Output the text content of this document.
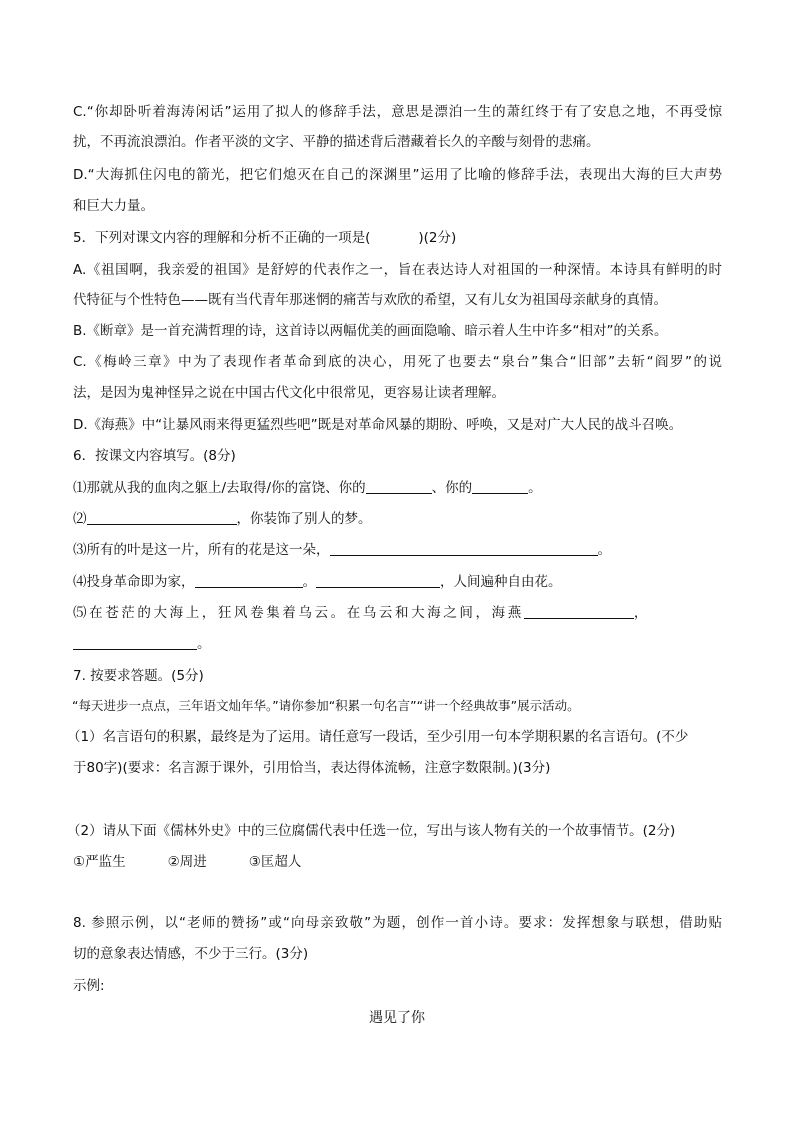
C.“你却卧听着海涛闲话”运用了拟人的修辞手法，意思是漂泊一生的萧红终于有了安息之地，不再受惊
扰，不再流浪漂泊。作者平淡的文字、平静的描述背后潜藏着长久的辛酸与刻骨的悲痛。
D.“大海抓住闪电的箭光，把它们熄灭在自己的深渊里”运用了比喻的修辞手法，表现出大海的巨大声势
和巨大力量。
5．下列对课文内容的理解和分析不正确的一项是(	)(2分)
A.《祖国啊，我亲爱的祖国》是舒婷的代表作之一，旨在表达诗人对祖国的一种深情。本诗具有鲜明的时
代特征与个性特色——既有当代青年那迷惘的痛苦与欢欣的希望，又有儿女为祖国母亲献身的真情。
B.《断章》是一首充满哲理的诗，这首诗以两幅优美的画面隐喻、暗示着人生中许多“相对”的关系。
C.《梅岭三章》中为了表现作者革命到底的决心，用死了也要去“泉台”集合“旧部”去斩“阎罗”的说
法，是因为鬼神怪异之说在中国古代文化中很常见，更容易让读者理解。
D.《海燕》中“让暴风雨来得更猛烈些吧”既是对革命风暴的期盼、呼唤，又是对广大人民的战斗召唤。
6．按课文内容填写。(8分)
⑴那就从我的血肉之躯上/去取得/你的富饶、你的	、你的	。
⑵	，你装饰了别人的梦。
⑶所有的叶是这一片，所有的花是这一朵，	。
⑷投身革命即为家，	。	，人间遍种自由花。
⑸在苍茫的大海上，狂风卷集着乌云。在乌云和大海之间，海燕	，
。
7. 按要求答题。(5分)
“每天进步一点点，三年语文灿年华。”请你参加“积累一句名言”“讲一个经典故事”展示活动。
（1）名言语句的积累，最终是为了运用。请任意写一段话，至少引用一句本学期积累的名言语句。(不少
于80字)(要求：名言源于课外，引用恰当，表达得体流畅，注意字数限制。)(3分)
（2）请从下面《儒林外史》中的三位腐儒代表中任选一位，写出与该人物有关的一个故事情节。(2分)
①严监生	②周进	③匡超人
8. 参照示例，以“老师的赞扬”或“向母亲致敬”为题，创作一首小诗。要求：发挥想象与联想，借助贴
切的意象表达情感，不少于三行。(3分)
示例:
遇见了你
